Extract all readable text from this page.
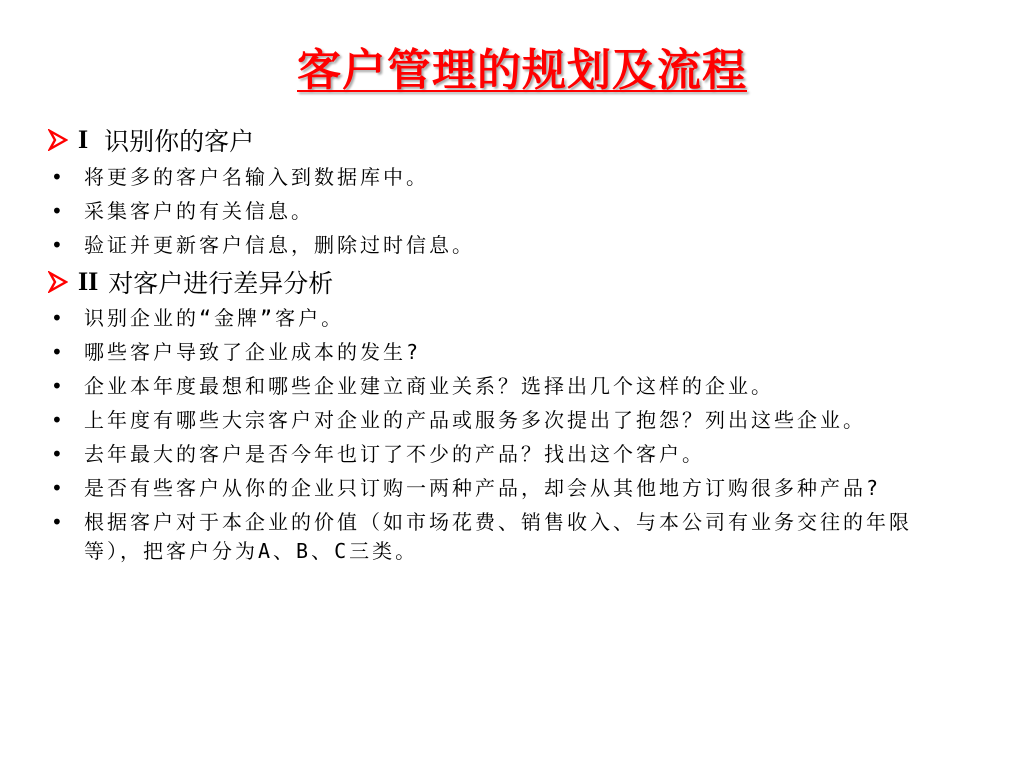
客户管理的规划及流程
I 识别你的客户
• 将更多的客户名输入到数据库中。
• 采集客户的有关信息。
• 验证并更新客户信息，删除过时信息。
II 对客户进行差异分析
• 识别企业的“金牌”客户。
• 哪些客户导致了企业成本的发生?
• 企业本年度最想和哪些企业建立商业关系？选择出几个这样的企业。
• 上年度有哪些大宗客户对企业的产品或服务多次提出了抱怨？列出这些企业。
• 去年最大的客户是否今年也订了不少的产品？找出这个客户。
• 是否有些客户从你的企业只订购一两种产品，却会从其他地方订购很多种产品?
• 根据客户对于本企业的价值（如市场花费、销售收入、与本公司有业务交往的年限等），把客户分为A、B、C三类。
